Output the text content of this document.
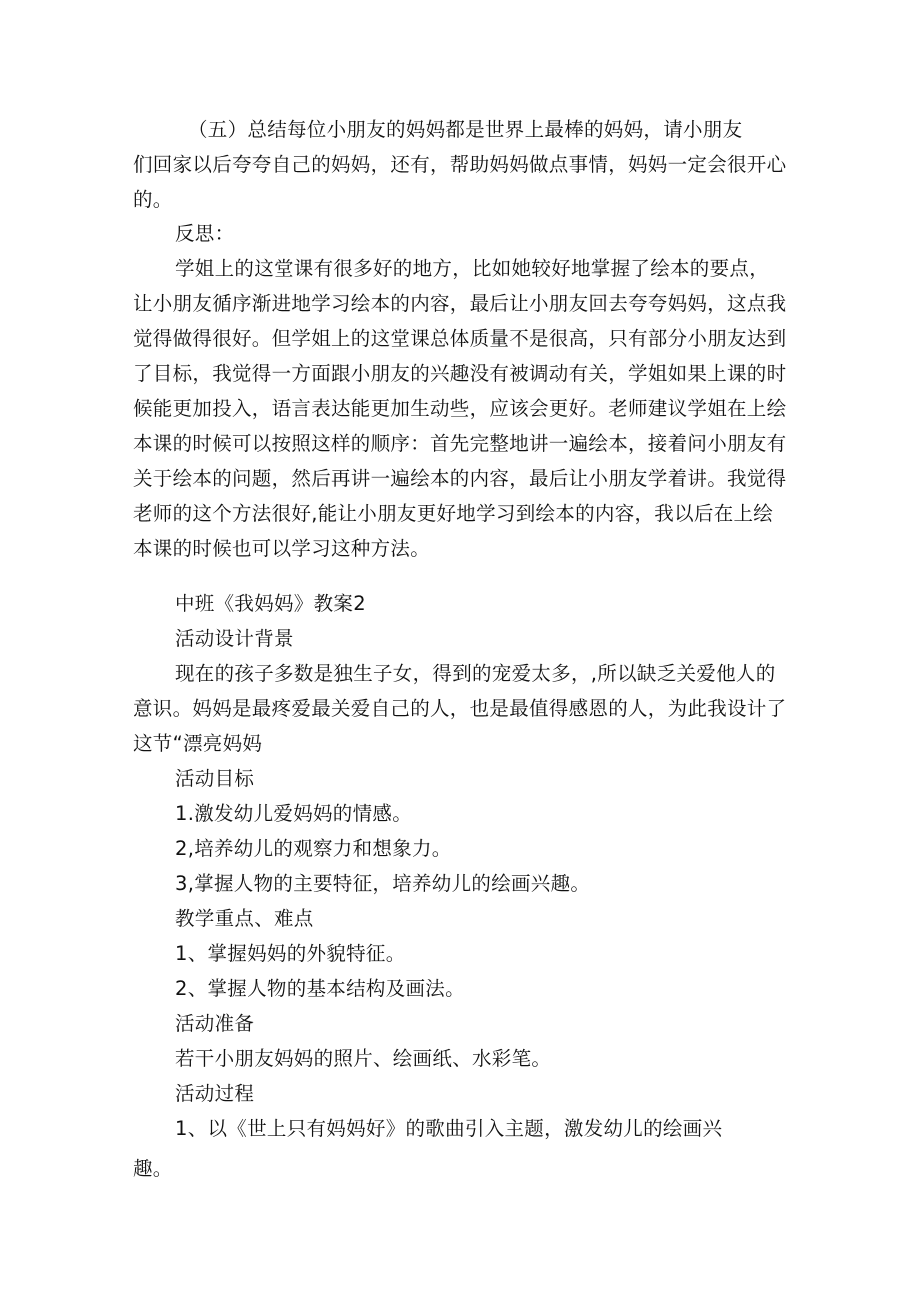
（五）总结每位小朋友的妈妈都是世界上最棒的妈妈，请小朋友
们回家以后夸夸自己的妈妈，还有，帮助妈妈做点事情，妈妈一定会很开心
的。
反思：
学姐上的这堂课有很多好的地方，比如她较好地掌握了绘本的要点，
让小朋友循序渐进地学习绘本的内容，最后让小朋友回去夸夸妈妈，这点我
觉得做得很好。但学姐上的这堂课总体质量不是很高，只有部分小朋友达到
了目标，我觉得一方面跟小朋友的兴趣没有被调动有关，学姐如果上课的时
候能更加投入，语言表达能更加生动些，应该会更好。老师建议学姐在上绘
本课的时候可以按照这样的顺序：首先完整地讲一遍绘本，接着问小朋友有
关于绘本的问题，然后再讲一遍绘本的内容，最后让小朋友学着讲。我觉得
老师的这个方法很好,能让小朋友更好地学习到绘本的内容，我以后在上绘
本课的时候也可以学习这种方法。
中班《我妈妈》教案2
活动设计背景
现在的孩子多数是独生子女，得到的宠爱太多，,所以缺乏关爱他人的
意识。妈妈是最疼爱最关爱自己的人，也是最值得感恩的人，为此我设计了
这节“漂亮妈妈
活动目标
1.激发幼儿爱妈妈的情感。
2,培养幼儿的观察力和想象力。
3,掌握人物的主要特征，培养幼儿的绘画兴趣。
教学重点、难点
1、掌握妈妈的外貌特征。
2、掌握人物的基本结构及画法。
活动准备
若干小朋友妈妈的照片、绘画纸、水彩笔。
活动过程
1、以《世上只有妈妈好》的歌曲引入主题，激发幼儿的绘画兴
趣。
